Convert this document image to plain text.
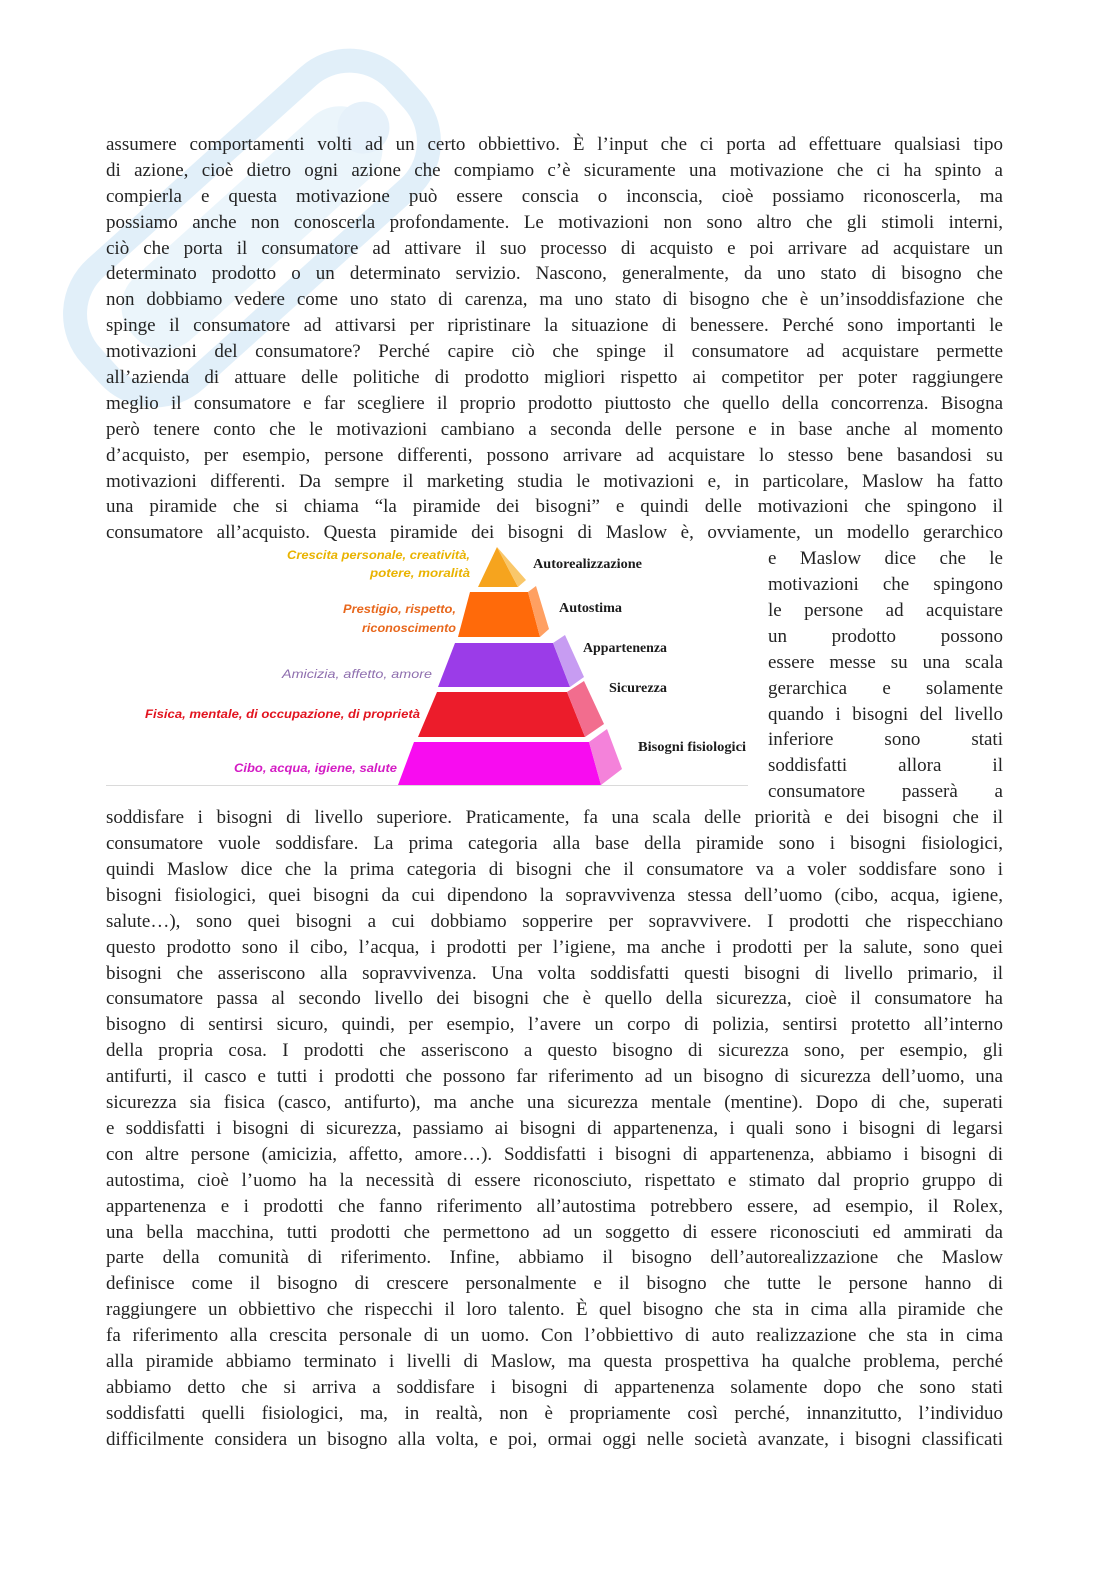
assumere comportamenti volti ad un certo obbiettivo. È l’input che ci porta ad effettuare qualsiasi tipo
di azione, cioè dietro ogni azione che compiamo c’è sicuramente una motivazione che ci ha spinto a
compierla e questa motivazione può essere conscia o inconscia, cioè possiamo riconoscerla, ma
possiamo anche non conoscerla profondamente. Le motivazioni non sono altro che gli stimoli interni,
ciò che porta il consumatore ad attivare il suo processo di acquisto e poi arrivare ad acquistare un
determinato prodotto o un determinato servizio. Nascono, generalmente, da uno stato di bisogno che
non dobbiamo vedere come uno stato di carenza, ma uno stato di bisogno che è un’insoddisfazione che
spinge il consumatore ad attivarsi per ripristinare la situazione di benessere. Perché sono importanti le
motivazioni del consumatore? Perché capire ciò che spinge il consumatore ad acquistare permette
all’azienda di attuare delle politiche di prodotto migliori rispetto ai competitor per poter raggiungere
meglio il consumatore e far scegliere il proprio prodotto piuttosto che quello della concorrenza. Bisogna
però tenere conto che le motivazioni cambiano a seconda delle persone e in base anche al momento
d’acquisto, per esempio, persone differenti, possono arrivare ad acquistare lo stesso bene basandosi su
motivazioni differenti. Da sempre il marketing studia le motivazioni e, in particolare, Maslow ha fatto
una piramide che si chiama “la piramide dei bisogni” e quindi delle motivazioni che spingono il
consumatore all’acquisto. Questa piramide dei bisogni di Maslow è, ovviamente, un modello gerarchico
e Maslow dice che le
motivazioni che spingono
le persone ad acquistare
un prodotto possono
essere messe su una scala
gerarchica e solamente
quando i bisogni del livello
inferiore sono stati
soddisfatti allora il
consumatore passerà a
soddisfare i bisogni di livello superiore. Praticamente, fa una scala delle priorità e dei bisogni che il
consumatore vuole soddisfare. La prima categoria alla base della piramide sono i bisogni fisiologici,
quindi Maslow dice che la prima categoria di bisogni che il consumatore va a voler soddisfare sono i
bisogni fisiologici, quei bisogni da cui dipendono la sopravvivenza stessa dell’uomo (cibo, acqua, igiene,
salute…), sono quei bisogni a cui dobbiamo sopperire per sopravvivere. I prodotti che rispecchiano
questo prodotto sono il cibo, l’acqua, i prodotti per l’igiene, ma anche i prodotti per la salute, sono quei
bisogni che asseriscono alla sopravvivenza. Una volta soddisfatti questi bisogni di livello primario, il
consumatore passa al secondo livello dei bisogni che è quello della sicurezza, cioè il consumatore ha
bisogno di sentirsi sicuro, quindi, per esempio, l’avere un corpo di polizia, sentirsi protetto all’interno
della propria cosa. I prodotti che asseriscono a questo bisogno di sicurezza sono, per esempio, gli
antifurti, il casco e tutti i prodotti che possono far riferimento ad un bisogno di sicurezza dell’uomo, una
sicurezza sia fisica (casco, antifurto), ma anche una sicurezza mentale (mentine). Dopo di che, superati
e soddisfatti i bisogni di sicurezza, passiamo ai bisogni di appartenenza, i quali sono i bisogni di legarsi
con altre persone (amicizia, affetto, amore…). Soddisfatti i bisogni di appartenenza, abbiamo i bisogni di
autostima, cioè l’uomo ha la necessità di essere riconosciuto, rispettato e stimato dal proprio gruppo di
appartenenza e i prodotti che fanno riferimento all’autostima potrebbero essere, ad esempio, il Rolex,
una bella macchina, tutti prodotti che permettono ad un soggetto di essere riconosciuti ed ammirati da
parte della comunità di riferimento. Infine, abbiamo il bisogno dell’autorealizzazione che Maslow
definisce come il bisogno di crescere personalmente e il bisogno che tutte le persone hanno di
raggiungere un obbiettivo che rispecchi il loro talento. È quel bisogno che sta in cima alla piramide che
fa riferimento alla crescita personale di un uomo. Con l’obbiettivo di auto realizzazione che sta in cima
alla piramide abbiamo terminato i livelli di Maslow, ma questa prospettiva ha qualche problema, perché
abbiamo detto che si arriva a soddisfare i bisogni di appartenenza solamente dopo che sono stati
soddisfatti quelli fisiologici, ma, in realtà, non è propriamente così perché, innanzitutto, l’individuo
difficilmente considera un bisogno alla volta, e poi, ormai oggi nelle società avanzate, i bisogni classificati
Autorealizzazione
Autostima
Appartenenza
Sicurezza
Bisogni fisiologici
Crescita personale, creatività,
potere, moralità
Prestigio, rispetto,
riconoscimento
Amicizia, affetto, amore
Fisica, mentale, di occupazione, di proprietà
Cibo, acqua, igiene, salute
